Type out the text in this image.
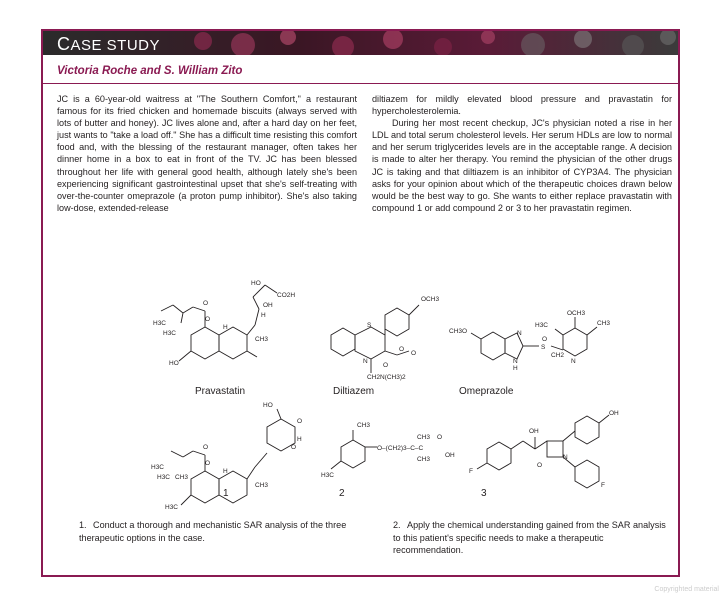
CASE STUDY
Victoria Roche and S. William Zito

JC is a 60-year-old waitress at "The Southern Comfort," a restaurant famous for its fried chicken and homemade biscuits (always served with lots of butter and honey). JC lives alone and, after a hard day on her feet, just wants to "take a load off." She has a difficult time resisting this comfort food and, with the blessing of the restaurant manager, often takes her dinner home in a box to eat in front of the TV. JC has been blessed throughout her life with general good health, although lately she's been experiencing significant gastrointestinal upset that she's self-treating with over-the-counter omeprazole (a proton pump inhibitor). She's also taking low-dose, extended-release

diltiazem for mildly elevated blood pressure and pravastatin for hypercholesterolemia.

During her most recent checkup, JC's physician noted a rise in her LDL and total serum cholesterol levels. Her serum HDLs are low to normal and her serum triglycerides levels are in the acceptable range. A decision is made to alter her therapy. You remind the physician of the other drugs JC is taking and that diltiazem is an inhibitor of CYP3A4. The physician asks for your opinion about which of the therapeutic choices drawn below would be the best way to go. She wants to either replace pravastatin with compound 1 or add compound 2 or 3 to her pravastatin regimen.

HO
CO2H
OH
H
O
O
H3C
H3C
H
CH3
HO
OCH3
S
N
O
O
O
CH2N(CH3)2
CH3O	N
N
H
S
O
CH2
H3C
OCH3
CH3
N
HO
O
O
H
O
O
H3C
H3C CH3
H
CH3
H3C
CH3
H3C
O–(CH2)3–C–C
CH3
CH3
O
OH
OH
OH
F
O
N
F
Pravastatin	Diltiazem	Omeprazole
1	2	3
1. Conduct a thorough and mechanistic SAR analysis of the three therapeutic options in the case.
2. Apply the chemical understanding gained from the SAR analysis to this patient's specific needs to make a therapeutic recommendation.
Copyrighted material
